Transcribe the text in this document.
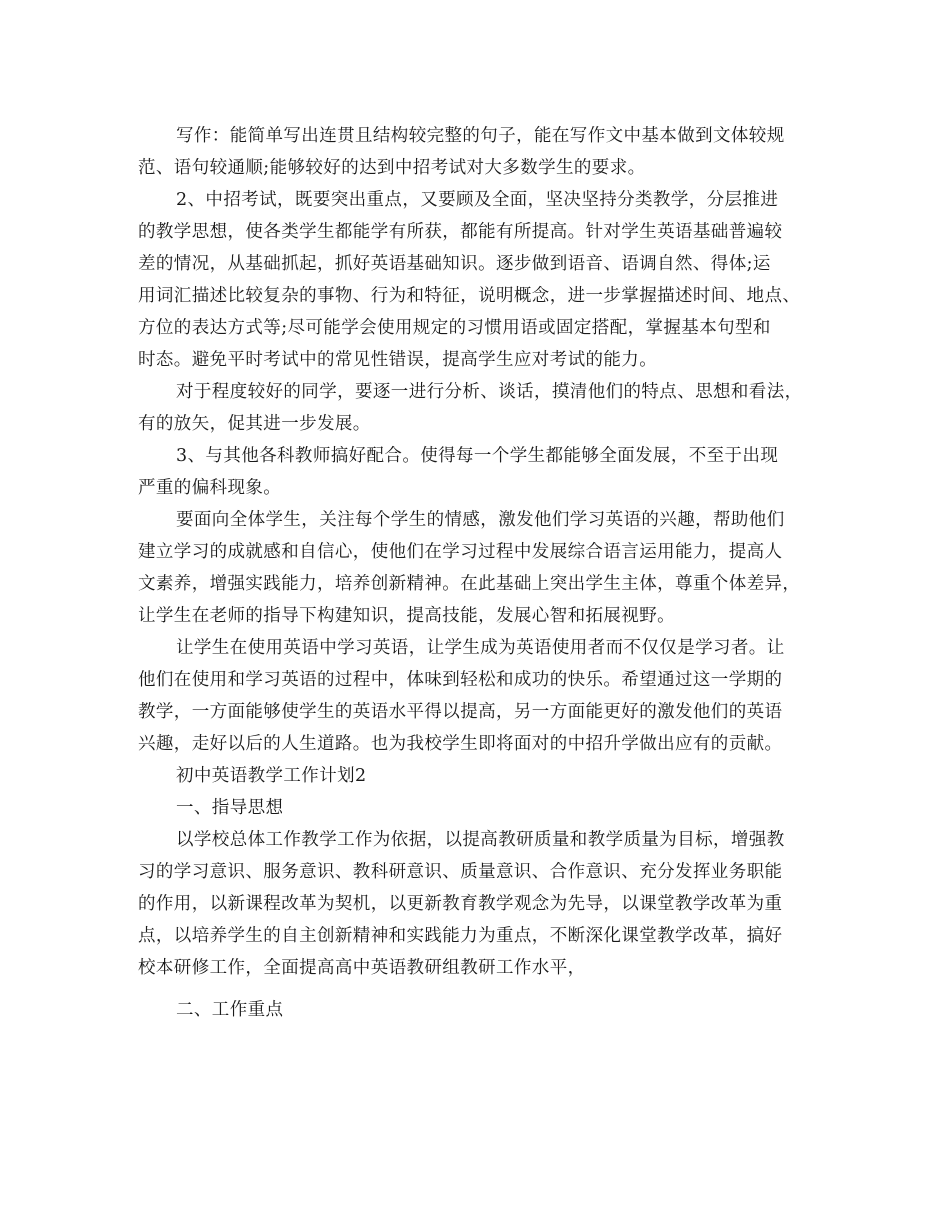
写作：能简单写出连贯且结构较完整的句子，能在写作文中基本做到文体较规

范、语句较通顺;能够较好的达到中招考试对大多数学生的要求。

2、中招考试，既要突出重点，又要顾及全面，坚决坚持分类教学，分层推进

的教学思想，使各类学生都能学有所获，都能有所提高。针对学生英语基础普遍较

差的情况，从基础抓起，抓好英语基础知识。逐步做到语音、语调自然、得体;运

用词汇描述比较复杂的事物、行为和特征，说明概念，进一步掌握描述时间、地点、

方位的表达方式等;尽可能学会使用规定的习惯用语或固定搭配，掌握基本句型和

时态。避免平时考试中的常见性错误，提高学生应对考试的能力。

对于程度较好的同学，要逐一进行分析、谈话，摸清他们的特点、思想和看法，

有的放矢，促其进一步发展。

3、与其他各科教师搞好配合。使得每一个学生都能够全面发展，不至于出现

严重的偏科现象。

要面向全体学生，关注每个学生的情感，激发他们学习英语的兴趣，帮助他们

建立学习的成就感和自信心，使他们在学习过程中发展综合语言运用能力，提高人

文素养，增强实践能力，培养创新精神。在此基础上突出学生主体，尊重个体差异，

让学生在老师的指导下构建知识，提高技能，发展心智和拓展视野。

让学生在使用英语中学习英语，让学生成为英语使用者而不仅仅是学习者。让

他们在使用和学习英语的过程中，体味到轻松和成功的快乐。希望通过这一学期的

教学，一方面能够使学生的英语水平得以提高，另一方面能更好的激发他们的英语

兴趣，走好以后的人生道路。也为我校学生即将面对的中招升学做出应有的贡献。

初中英语教学工作计划2

一、指导思想

以学校总体工作教学工作为依据，以提高教研质量和教学质量为目标，增强教

习的学习意识、服务意识、教科研意识、质量意识、合作意识、充分发挥业务职能

的作用，以新课程改革为契机，以更新教育教学观念为先导，以课堂教学改革为重

点，以培养学生的自主创新精神和实践能力为重点，不断深化课堂教学改革，搞好

校本研修工作，全面提高高中英语教研组教研工作水平，

二、工作重点
